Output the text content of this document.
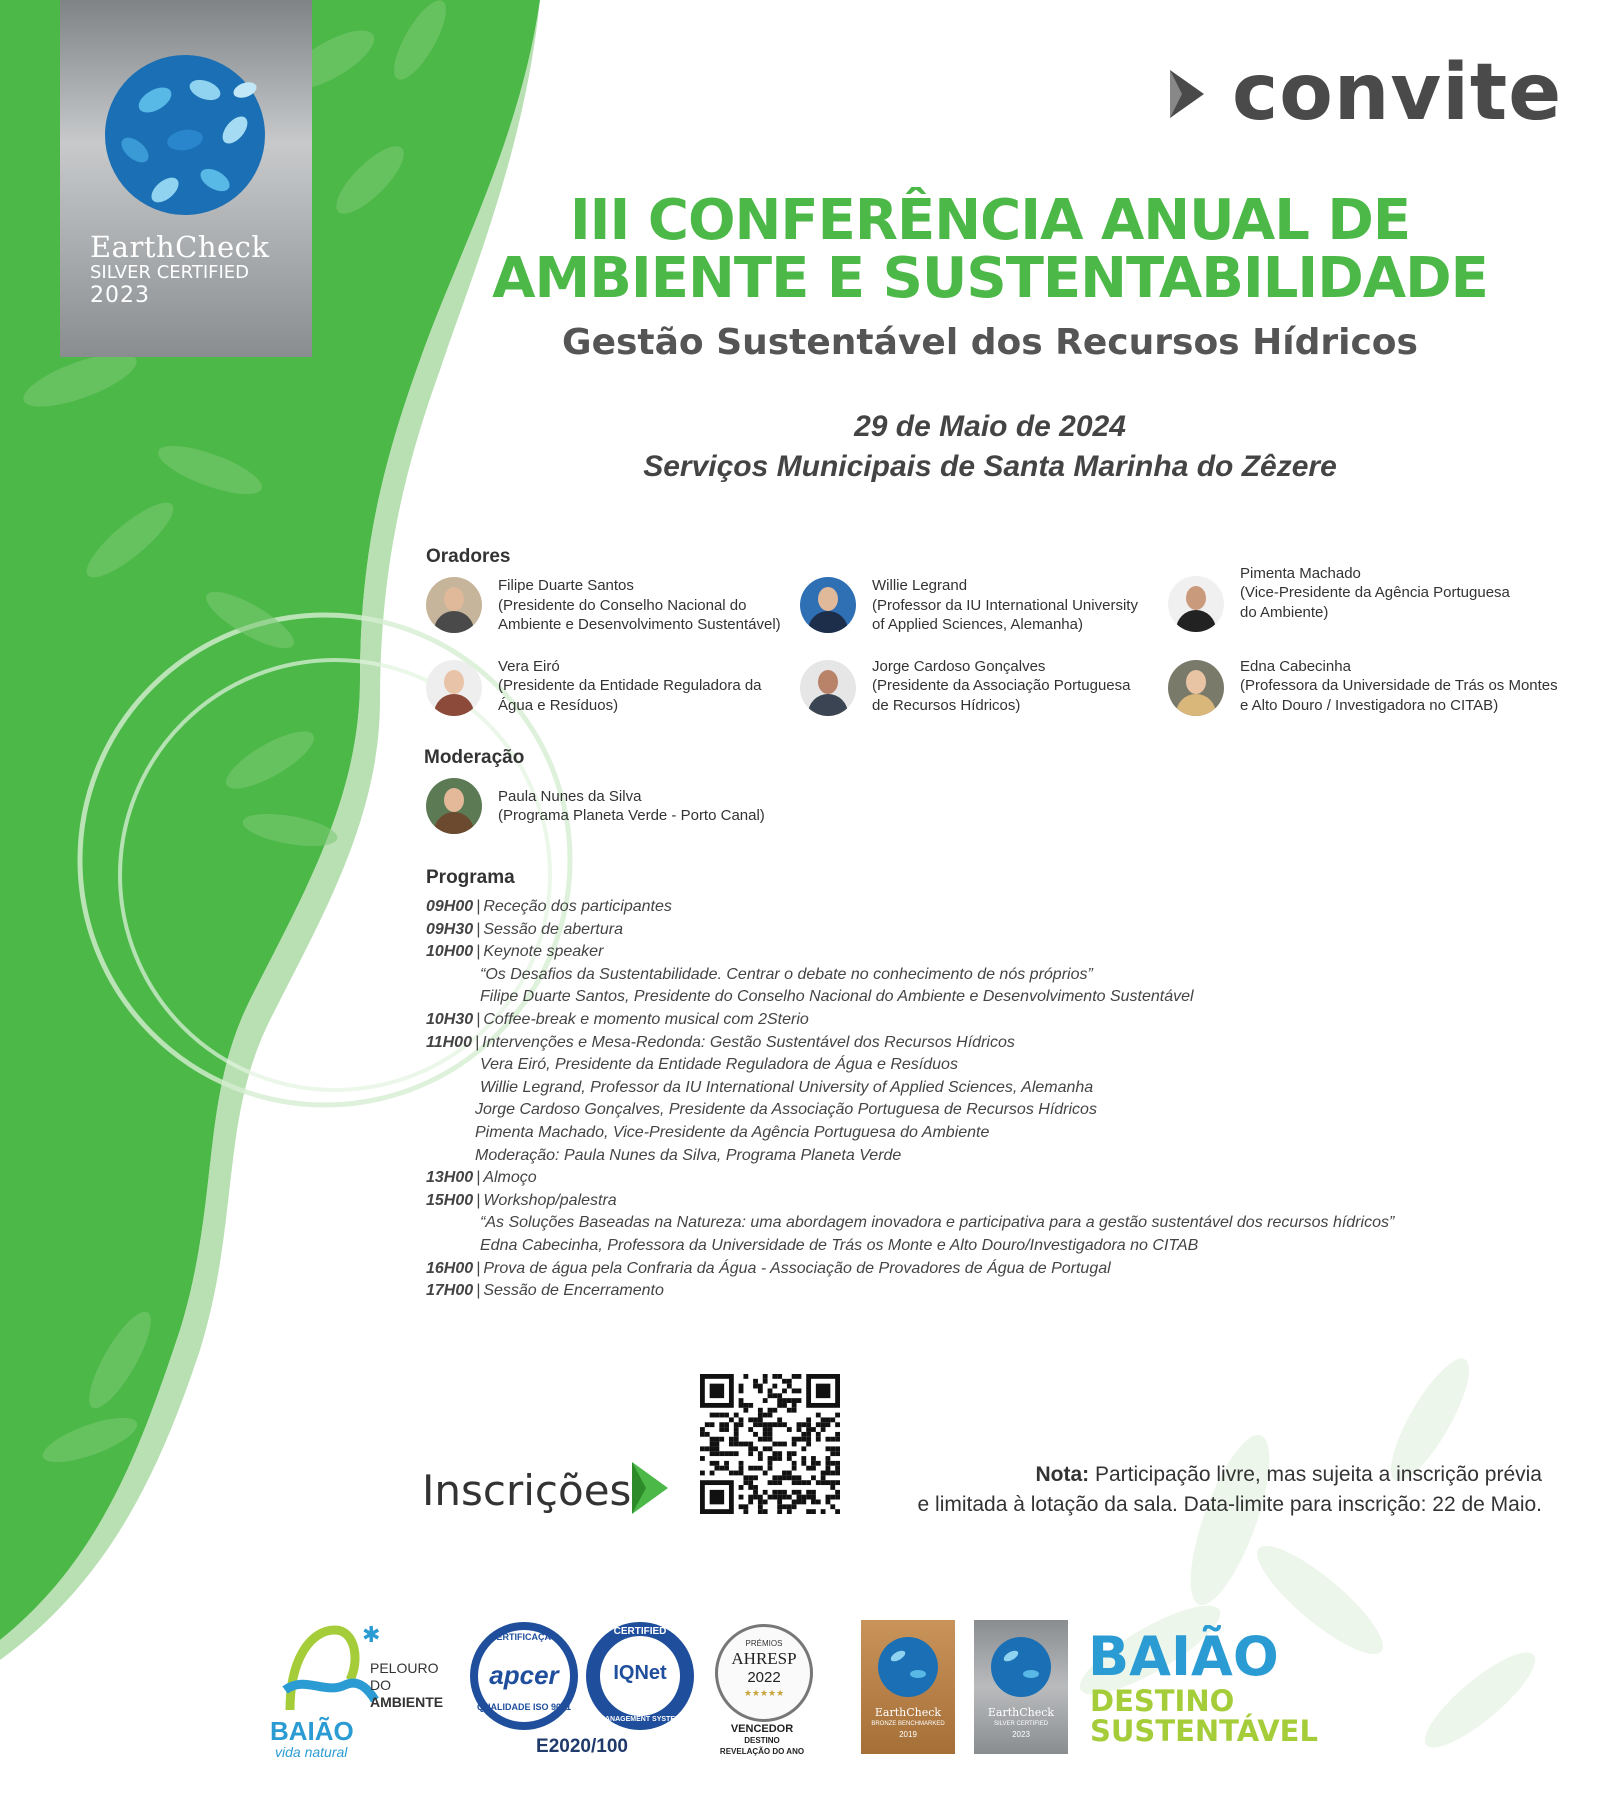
EarthCheck
SILVER CERTIFIED
2023
convite
III CONFERÊNCIA ANUAL DE
AMBIENTE E SUSTENTABILIDADE
Gestão Sustentável dos Recursos Hídricos
29 de Maio de 2024
Serviços Municipais de Santa Marinha do Zêzere
Oradores
Filipe Duarte Santos
(Presidente do Conselho Nacional do
Ambiente e Desenvolvimento Sustentável)
Willie Legrand
(Professor da IU International University
of Applied Sciences, Alemanha)
Pimenta Machado
(Vice-Presidente da Agência Portuguesa
do Ambiente)
Vera Eiró
(Presidente da Entidade Reguladora da
Água e Resíduos)
Jorge Cardoso Gonçalves
(Presidente da Associação Portuguesa
de Recursos Hídricos)
Edna Cabecinha
(Professora da Universidade de Trás os Montes
e Alto Douro / Investigadora no CITAB)
Moderação
Paula Nunes da Silva
(Programa Planeta Verde - Porto Canal)
Programa
09H00 | Receção dos participantes
09H30 | Sessão de abertura
10H00 | Keynote speaker
“Os Desafios da Sustentabilidade. Centrar o debate no conhecimento de nós próprios”
Filipe Duarte Santos, Presidente do Conselho Nacional do Ambiente e Desenvolvimento Sustentável
10H30 | Coffee-break e momento musical com 2Sterio
11H00 | Intervenções e Mesa-Redonda: Gestão Sustentável dos Recursos Hídricos
Vera Eiró, Presidente da Entidade Reguladora de Água e Resíduos
Willie Legrand, Professor da IU International University of Applied Sciences, Alemanha
Jorge Cardoso Gonçalves, Presidente da Associação Portuguesa de Recursos Hídricos
Pimenta Machado, Vice-Presidente da Agência Portuguesa do Ambiente
Moderação: Paula Nunes da Silva, Programa Planeta Verde
13H00 | Almoço
15H00 | Workshop/palestra
“As Soluções Baseadas na Natureza: uma abordagem inovadora e participativa para a gestão sustentável dos recursos hídricos”
Edna Cabecinha, Professora da Universidade de Trás os Monte e Alto Douro/Investigadora no CITAB
16H00 | Prova de água pela Confraria da Água - Associação de Provadores de Água de Portugal
17H00 | Sessão de Encerramento
Inscrições	Nota: Participação livre, mas sujeita a inscrição prévia
e limitada à lotação da sala. Data-limite para inscrição: 22 de Maio.
✱
PELOURO
DO
AMBIENTE
BAIÃO
vida natural
CERTIFICAÇÃO
apcer
QUALIDADE ISO 9001
CERTIFIED
IQNet
MANAGEMENT SYSTEM
E2020/100
PRÉMIOS
AHRESP
2022
★★★★★
VENCEDOR
DESTINO
REVELAÇÃO DO ANO
EarthCheck
BRONZE BENCHMARKED
2019
EarthCheck
SILVER CERTIFIED
2023
BAIÃO
DESTINO
SUSTENTÁVEL
